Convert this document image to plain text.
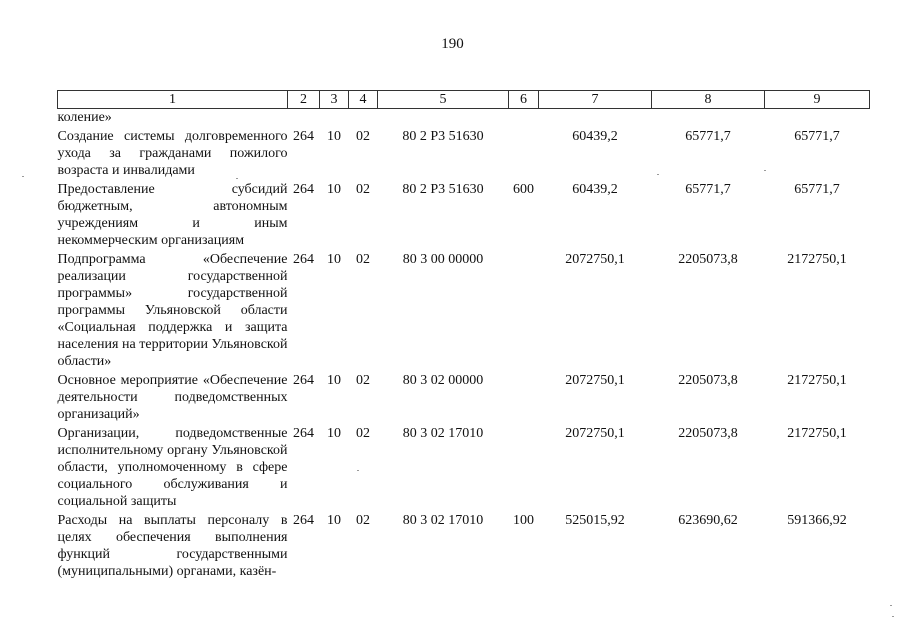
190
1	2	3	4	5	6	7	8	9
коление»								
Создание системы долговременного ухода за гражданами пожилого возраста и инвалидами	264	10	02	80 2 Р3 51630		60439,2	65771,7	65771,7
Предоставление субсидий бюджетным, автономным учреждениям и иным некоммерческим организациям	264	10	02	80 2 Р3 51630	600	60439,2	65771,7	65771,7
Подпрограмма «Обеспечение реализации государственной программы» государственной программы Ульяновской области «Социальная поддержка и защита населения на территории Ульяновской области»	264	10	02	80 3 00 00000		2072750,1	2205073,8	2172750,1
Основное мероприятие «Обеспечение деятельности подведомственных организаций»	264	10	02	80 3 02 00000		2072750,1	2205073,8	2172750,1
Организации, подведомственные исполнительному органу Ульяновской области, уполномоченному в сфере социального обслуживания и социальной защиты	264	10	02	80 3 02 17010		2072750,1	2205073,8	2172750,1
Расходы на выплаты персоналу в целях обеспечения выполнения функций государственными (муниципальными) органами, казён-	264	10	02	80 3 02 17010	100	525015,92	623690,62	591366,92
